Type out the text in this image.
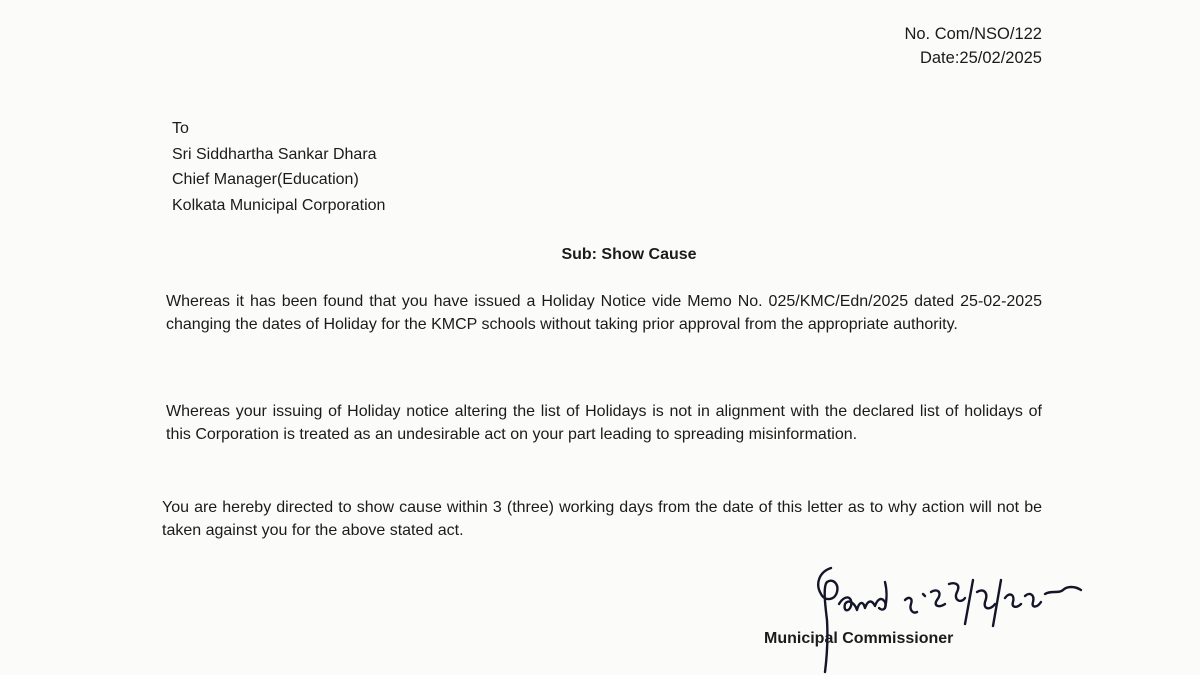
No. Com/NSO/122
Date:25/02/2025
To
Sri Siddhartha Sankar Dhara
Chief Manager(Education)
Kolkata Municipal Corporation
Sub: Show Cause
Whereas it has been found that you have issued a Holiday Notice vide Memo No. 025/KMC/Edn/2025 dated 25-02-2025 changing the dates of Holiday for the KMCP schools without taking prior approval from the appropriate authority.
Whereas your issuing of Holiday notice altering the list of Holidays is not in alignment with the declared list of holidays of this Corporation is treated as an undesirable act on your part leading to spreading misinformation.
You are hereby directed to show cause within 3 (three) working days from the date of this letter as to why action will not be taken against you for the above stated act.
Municipal Commissioner
